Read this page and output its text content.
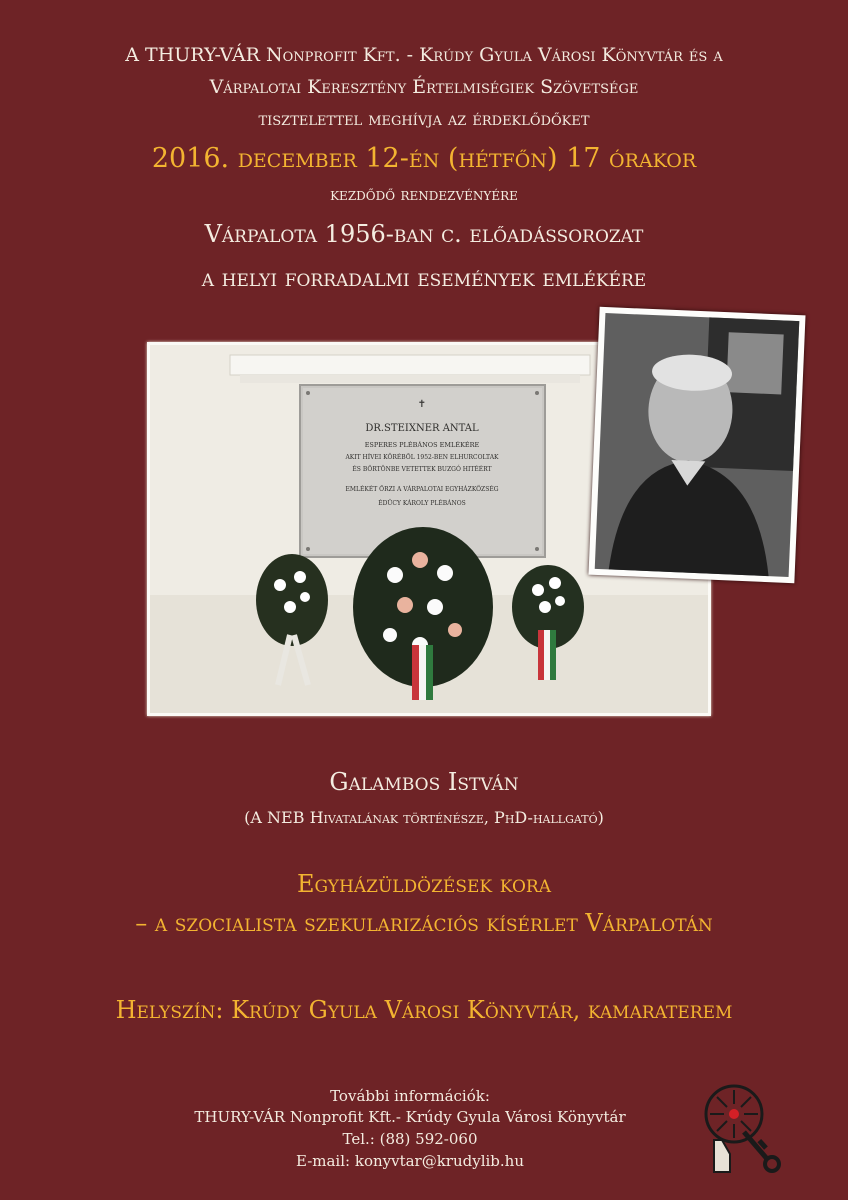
A THURY-VÁR Nonprofit Kft. - Krúdy Gyula Városi Könyvtár és a
Várpalotai Keresztény Értelmiségiek Szövetsége
tisztelettel meghívja az érdeklődőket
2016. december 12-én (hétfőn) 17 órakor
kezdődő rendezvényére
Várpalota 1956-ban c. előadássorozat
a helyi forradalmi események emlékére
✝
DR.STEIXNER ANTAL
ESPERES PLÉBÁNOS EMLÉKÉRE
AKIT HÍVEI KÖRÉBŐL 1952-BEN ELHURCOLTAK
ÉS BÖRTÖNBE VETETTEK BUZGÓ HITÉÉRT
EMLÉKÉT ŐRZI A VÁRPALOTAI EGYHÁZKÖZSÉG
ÉDÜCY KÁROLY PLÉBÁNOS
Galambos István
(A NEB Hivatalának történésze, PhD-hallgató)
Egyházüldözések kora
– a szocialista szekularizációs kísérlet Várpalotán
Helyszín: Krúdy Gyula Városi Könyvtár, kamaraterem
További információk:
THURY-VÁR Nonprofit Kft.- Krúdy Gyula Városi Könyvtár
Tel.: (88) 592-060
E-mail: konyvtar@krudylib.hu
